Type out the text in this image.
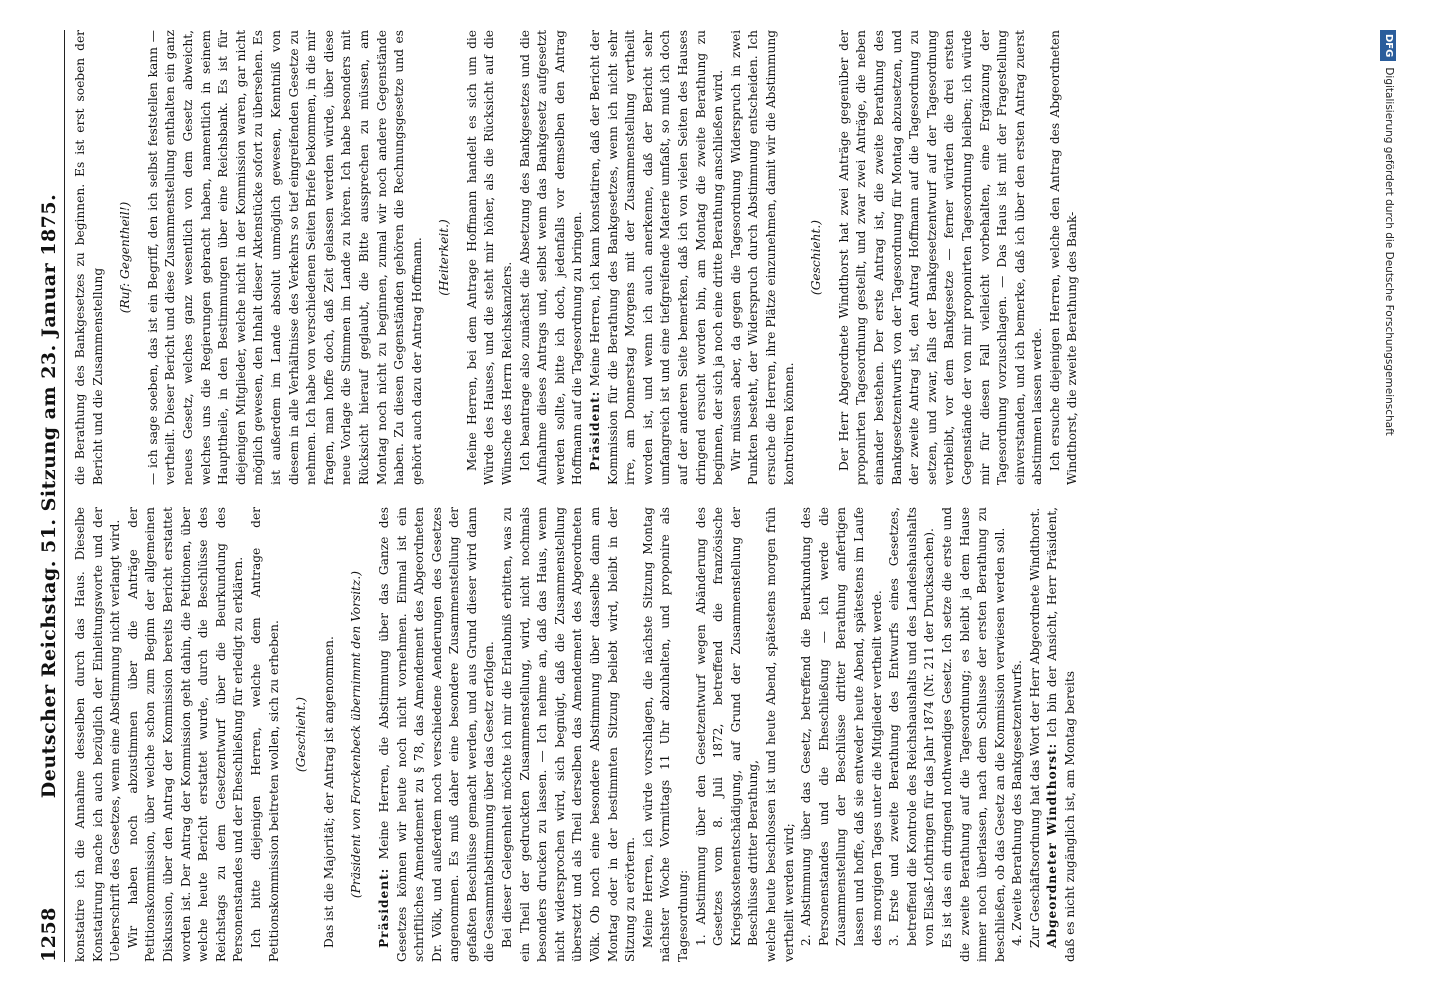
1258
Deutscher Reichstag. 51. Sitzung am 23. Januar 1875. konstatire ich die Annahme desselben durch das Haus. Dieselbe Konstatirung mache ich auch bezüglich der Einleitungsworte und der Ueberschrift des Gesetzes, wenn eine Abstimmung nicht verlangt wird. Wir haben noch abzustimmen über die Anträge der Petitionskommission, über welche schon zum Beginn der allgemeinen Diskussion, über den Antrag der Kommission bereits Bericht erstattet worden ist. Der Antrag der Kommission geht dahin, die Petitionen, über welche heute Bericht erstattet wurde, durch die Beschlüsse des Reichstags zu dem Gesetzentwurf über die Beurkundung des Personenstandes und der Eheschließung für erledigt zu erklären. Ich bitte diejenigen Herren, welche dem Antrage der Petitionskommission beitreten wollen, sich zu erheben. (Geschieht.) Das ist die Majorität; der Antrag ist angenommen. (Präsident von Forckenbeck übernimmt den Vorsitz.)

Präsident: Meine Herren, die Abstimmung über das Ganze des Gesetzes können wir heute noch nicht vornehmen. Einmal ist ein schriftliches Amendement zu § 78, das Amendement des Abgeordneten Dr. Völk, und außerdem noch verschiedene Aenderungen des Gesetzes angenommen. Es muß daher eine besondere Zusammenstellung der gefaßten Beschlüsse gemacht werden, und aus Grund dieser wird dann die Gesammtabstimmung über das Gesetz erfolgen. Bei dieser Gelegenheit möchte ich mir die Erlaubniß erbitten, was zu ein Theil der gedruckten Zusammenstellung, wird, nicht nochmals besonders drucken zu lassen. — Ich nehme an, daß das Haus, wenn nicht widersprochen wird, sich begnügt, daß die Zusammenstellung übersetzt und als Theil derselben das Amendement des Abgeordneten Völk. Ob noch eine besondere Abstimmung über dasselbe dann am Montag oder in der bestimmten Sitzung beliebt wird, bleibt in der Sitzung zu erörtern. Meine Herren, ich würde vorschlagen, die nächste Sitzung Montag nächster Woche Vormittags 11 Uhr abzuhalten, und proponire als Tagesordnung: 1. Abstimmung über den Gesetzentwurf wegen Abänderung des Gesetzes vom 8. Juli 1872, betreffend die französische Kriegskostenentschädigung, auf Grund der Zusammenstellung der Beschlüsse dritter Berathung, welche heute beschlossen ist und heute Abend, spätestens morgen früh vertheilt werden wird; 2. Abstimmung über das Gesetz, betreffend die Beurkundung des Personenstandes und die Eheschließung — ich werde die Zusammenstellung der Beschlüsse dritter Berathung anfertigen lassen und hoffe, daß sie entweder heute Abend, spätestens im Laufe des morgigen Tages unter die Mitglieder vertheilt werde. 3. Erste und zweite Berathung des Entwurfs eines Gesetzes, betreffend die Kontrole des Reichshaushalts und des Landeshaushalts von Elsaß-Lothringen für das Jahr 1874 (Nr. 211 der Drucksachen). Es ist das ein dringend nothwendiges Gesetz. Ich setze die erste und die zweite Berathung auf die Tagesordnung; es bleibt ja dem Hause immer noch überlassen, nach dem Schlusse der ersten Berathung zu beschließen, ob das Gesetz an die Kommission verwiesen werden soll. 4. Zweite Berathung des Bankgesetzentwurfs. Zur Geschäftsordnung hat das Wort der Herr Abgeordnete Windthorst. Abgeordneter Windthorst: Ich bin der Ansicht, Herr Präsident, daß es nicht zugänglich ist, am Montag bereits

die Berathung des Bankgesetzes zu beginnen. Es ist erst soeben der Bericht und die Zusammenstellung

(Ruf: Gegentheil!) — ich sage soeben, das ist ein Begriff, den ich selbst feststellen kann — vertheilt. Dieser Bericht und diese Zusammenstellung enthalten ein ganz neues Gesetz, welches ganz wesentlich von dem Gesetz abweicht, welches uns die Regierungen gebracht haben, namentlich in seinem Haupttheile, in den Bestimmungen über eine Reichsbank. Es ist für diejenigen Mitglieder, welche nicht in der Kommission waren, gar nicht möglich gewesen, den Inhalt dieser Aktenstücke sofort zu übersehen. Es ist außerdem im Lande absolut unmöglich gewesen, Kenntniß von diesem in alle Verhältnisse des Verkehrs so tief eingreifenden Gesetze zu nehmen. Ich habe von verschiedenen Seiten Briefe bekommen, in die mir fragen, man hoffe doch, daß Zeit gelassen werden würde, über diese neue Vorlage die Stimmen im Lande zu hören. Ich habe besonders mit Rücksicht hierauf geglaubt, die Bitte aussprechen zu müssen, am Montag noch nicht zu beginnen, zumal wir noch andere Gegenstände haben. Zu diesen Gegenständen gehören die Rechnungsgesetze und es gehört auch dazu der Antrag Hoffmann. (Heiterkeit.) Meine Herren, bei dem Antrage Hoffmann handelt es sich um die Würde des Hauses, und die steht mir höher, als die Rücksicht auf die Wünsche des Herrn Reichskanzlers. Ich beantrage also zunächst die Absetzung des Bankgesetzes und die Aufnahme dieses Antrags und, selbst wenn das Bankgesetz aufgesetzt werden sollte, bitte ich doch, jedenfalls vor demselben den Antrag Hoffmann auf die Tagesordnung zu bringen. Präsident: Meine Herren, ich kann konstatiren, daß der Bericht der Kommission für die Berathung des Bankgesetzes, wenn ich nicht sehr irre, am Donnerstag Morgens mit der Zusammenstellung vertheilt worden ist, und wenn ich auch anerkenne, daß der Bericht sehr umfangreich ist und eine tiefgreifende Materie umfaßt, so muß ich doch auf der anderen Seite bemerken, daß ich von vielen Seiten des Hauses dringend ersucht worden bin, am Montag die zweite Berathung zu beginnen, der sich ja noch eine dritte Berathung anschließen wird. Wir müssen aber, da gegen die Tagesordnung Widerspruch in zwei Punkten besteht, der Widerspruch durch Abstimmung entscheiden. Ich ersuche die Herren, ihre Plätze einzunehmen, damit wir die Abstimmung kontroliren können.

(Geschieht.) Der Herr Abgeordnete Windthorst hat zwei Anträge gegenüber der proponirten Tagesordnung gestellt, und zwar zwei Anträge, die neben einander bestehen. Der erste Antrag ist, die zweite Berathung des Bankgesetzentwurfs von der Tagesordnung für Montag abzusetzen, und der zweite Antrag ist, den Antrag Hoffmann auf die Tagesordnung zu setzen, und zwar, falls der Bankgesetzentwurf auf der Tagesordnung verbleibt, vor dem Bankgesetze — ferner würden die drei ersten Gegenstände der von mir proponirten Tagesordnung bleiben; ich würde mir für diesen Fall vielleicht vorbehalten, eine Ergänzung der Tagesordnung vorzuschlagen. — Das Haus ist mit der Fragestellung einverstanden, und ich bemerke, daß ich über den ersten Antrag zuerst abstimmen lassen werde. Ich ersuche diejenigen Herren, welche den Antrag des Abgeordneten Windthorst, die zweite Berathung des Bank-

DFGDigitalisierung gefördert durch die Deutsche Forschungsgemeinschaft
